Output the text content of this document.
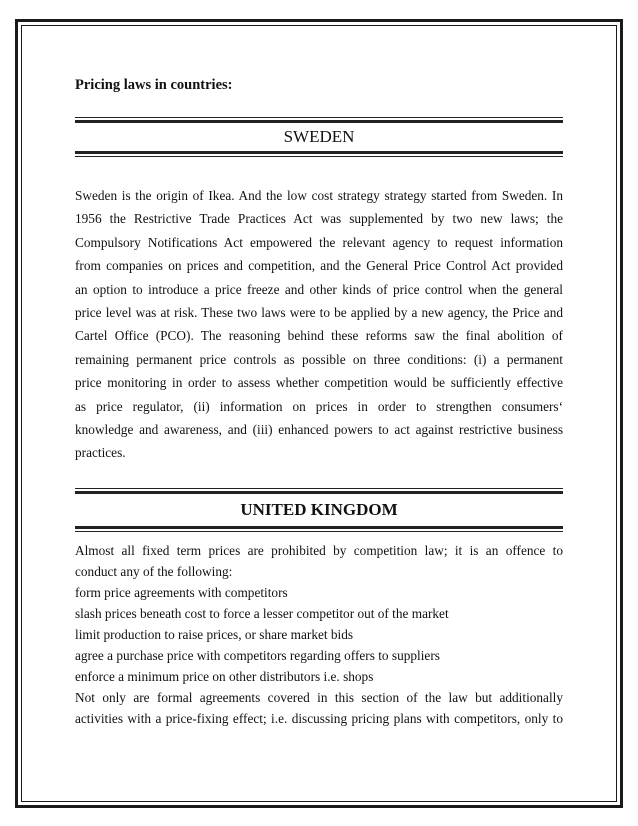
Pricing laws in countries:

SWEDEN

Sweden is the origin of Ikea. And the low cost strategy strategy started from Sweden. In
1956 the Restrictive Trade Practices Act was supplemented by two new laws; the
Compulsory Notifications Act empowered the relevant agency to request information
from companies on prices and competition, and the General Price Control Act provided
an option to introduce a price freeze and other kinds of price control when the general
price level was at risk. These two laws were to be applied by a new agency, the Price and
Cartel Office (PCO). The reasoning behind these reforms saw the final abolition of
remaining permanent price controls as possible on three conditions: (i) a permanent
price monitoring in order to assess whether competition would be sufficiently effective
as price regulator, (ii) information on prices in order to strengthen consumers‘
knowledge and awareness, and (iii) enhanced powers to act against restrictive business
practices.

UNITED KINGDOM

Almost all fixed term prices are prohibited by competition law; it is an offence to
conduct any of the following:
form price agreements with competitors
slash prices beneath cost to force a lesser competitor out of the market
limit production to raise prices, or share market bids
agree a purchase price with competitors regarding offers to suppliers
enforce a minimum price on other distributors i.e. shops
Not only are formal agreements covered in this section of the law but additionally
activities with a price-fixing effect; i.e. discussing pricing plans with competitors, only to
